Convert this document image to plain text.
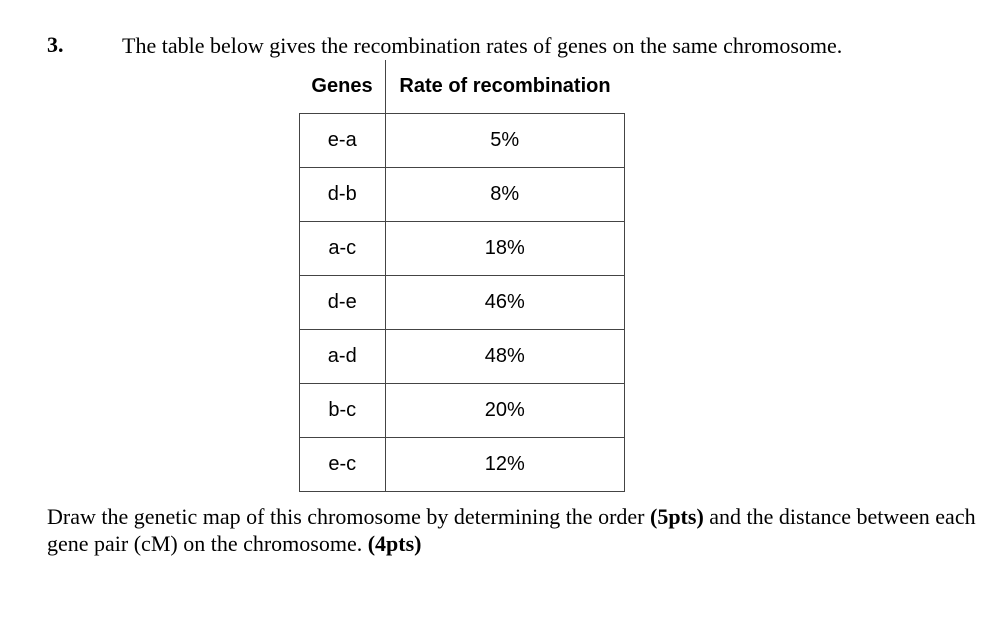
3.	The table below gives the recombination rates of genes on the same chromosome.
Genes	Rate of recombination
e-a	5%
d-b	8%
a-c	18%
d-e	46%
a-d	48%
b-c	20%
e-c	12%
Draw the genetic map of this chromosome by determining the order (5pts) and the distance between each gene pair (cM) on the chromosome. (4pts)
